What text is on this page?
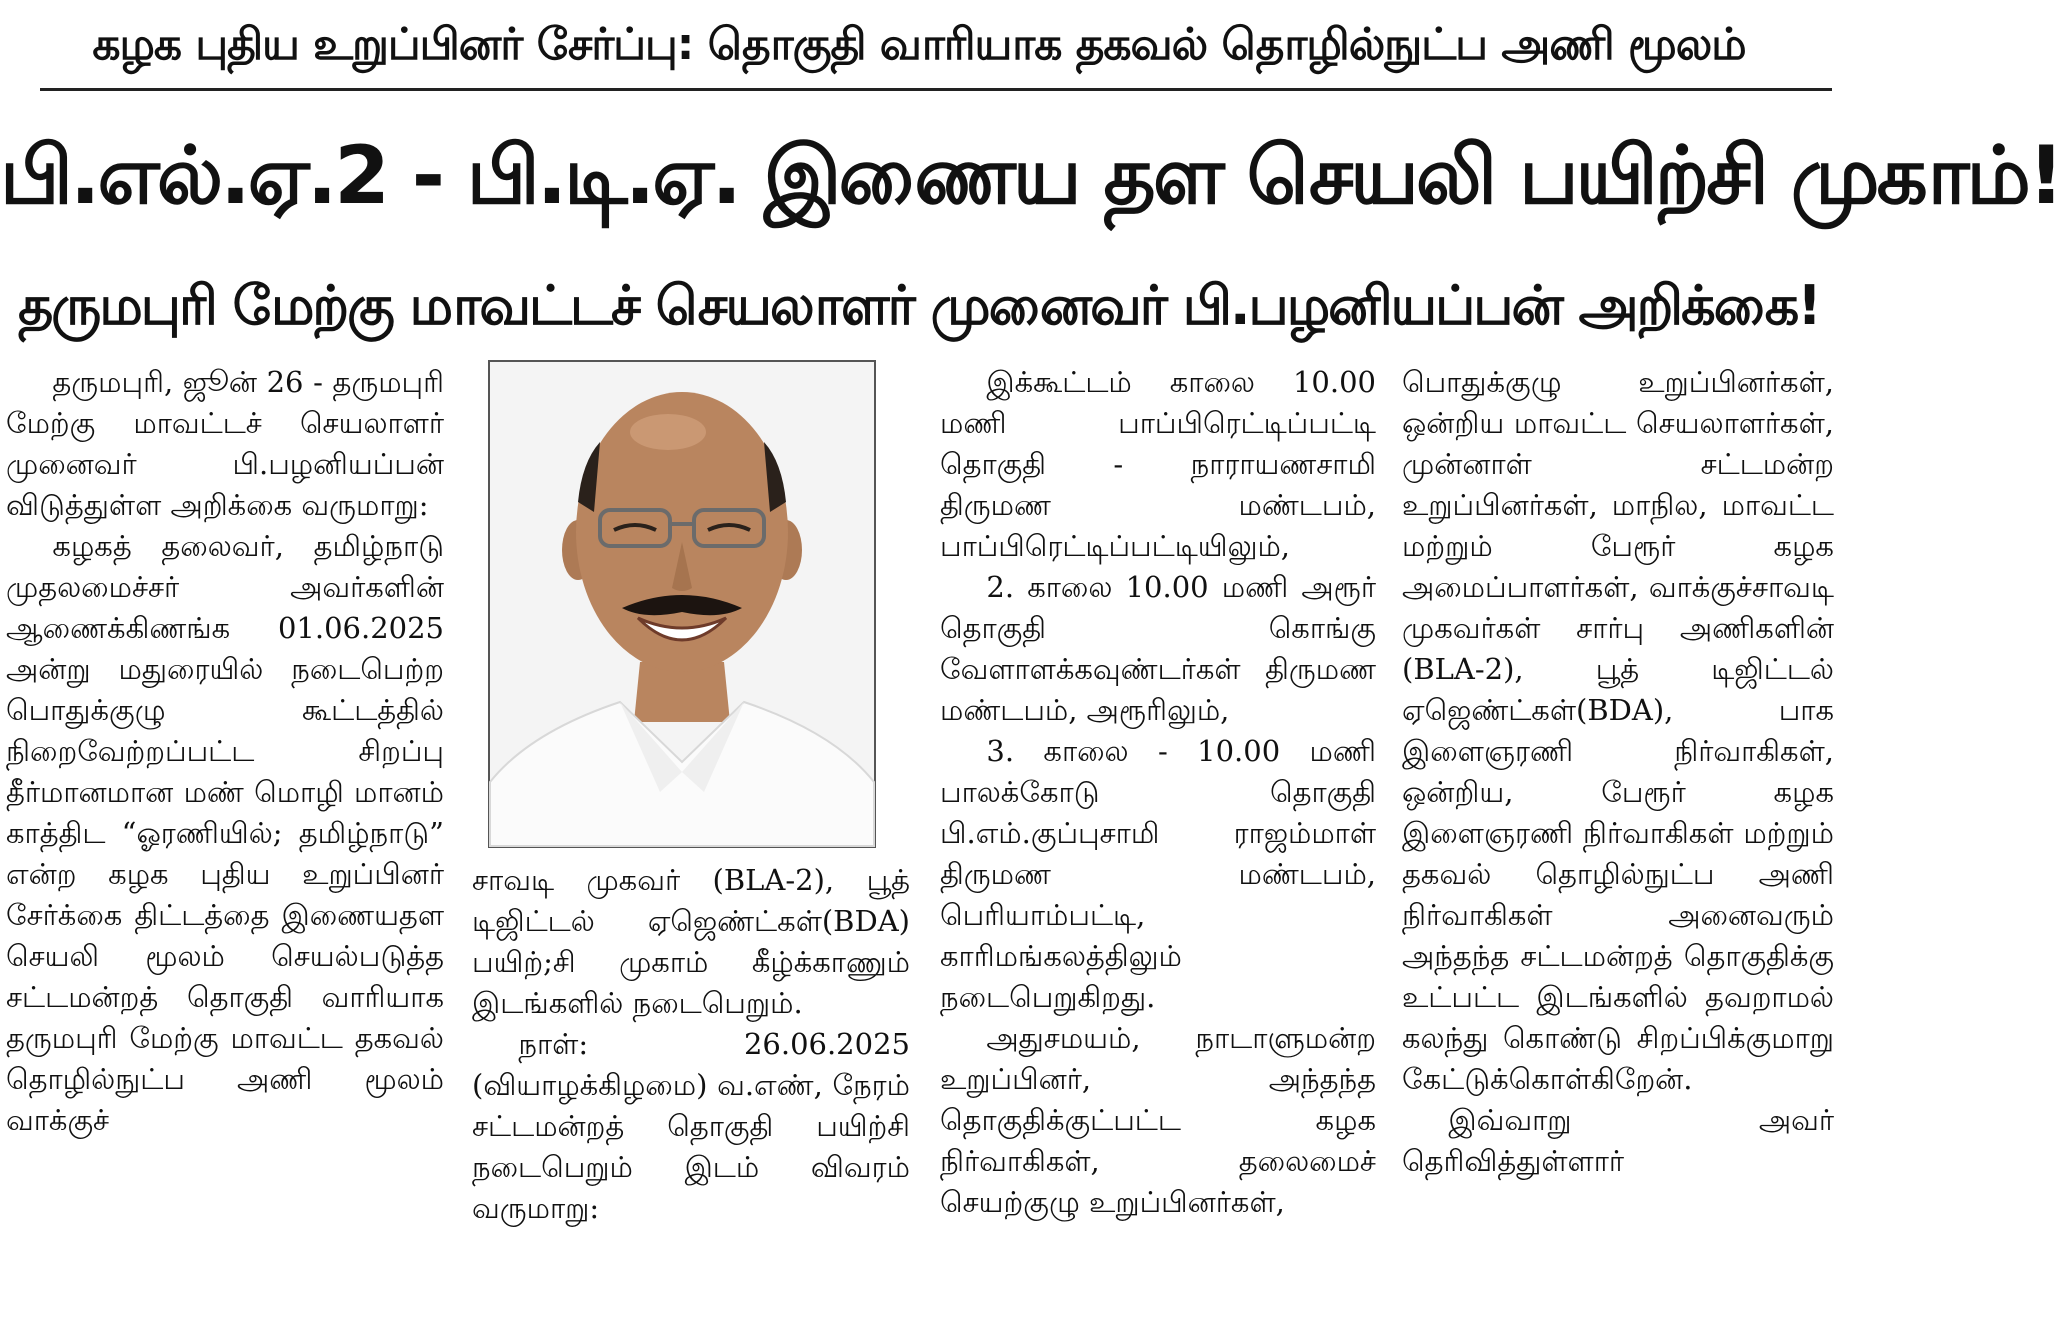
கழக புதிய உறுப்பினர் சேர்ப்பு: தொகுதி வாரியாக தகவல் தொழில்நுட்ப அணி மூலம்
பி.எல்.ஏ.2 - பி.டி.ஏ. இணைய தள செயலி பயிற்சி முகாம்!
தருமபுரி மேற்கு மாவட்டச் செயலாளர் முனைவர் பி.பழனியப்பன் அறிக்கை!

தருமபுரி, ஜூன் 26 - தருமபுரி மேற்கு மாவட்டச் செயலாளர் முனைவர் பி.பழனியப்பன் விடுத்துள்ள அறிக்கை வருமாறு:

கழகத் தலைவர், தமிழ்நாடு முதலமைச்சர் அவர்களின் ஆணைக்கிணங்க 01.06.2025 அன்று மதுரையில் நடைபெற்ற பொதுக்குழு கூட்டத்தில் நிறைவேற்றப்பட்ட சிறப்பு தீர்மானமான மண் மொழி மானம் காத்திட “ஓரணியில்; தமிழ்நாடு” என்ற கழக புதிய உறுப்பினர் சேர்க்கை திட்டத்தை இணையதள செயலி மூலம் செயல்படுத்த சட்டமன்றத் தொகுதி வாரியாக தருமபுரி மேற்கு மாவட்ட தகவல் தொழில்நுட்ப அணி மூலம் வாக்குச்

சாவடி முகவர் (BLA-2), பூத் டிஜிட்டல் ஏஜெண்ட்கள்(BDA) பயிற்;சி முகாம் கீழ்க்காணும் இடங்களில் நடைபெறும்.

நாள்: 26.06.2025 (வியாழக்கிழமை) வ.எண், நேரம் சட்டமன்றத் தொகுதி பயிற்சி நடைபெறும் இடம் விவரம் வருமாறு:

இக்கூட்டம் காலை 10.00 மணி பாப்பிரெட்டிப்பட்டி தொகுதி - நாராயணசாமி திருமண மண்டபம், பாப்பிரெட்டிப்பட்டியிலும்,

2. காலை 10.00 மணி அரூர் தொகுதி கொங்கு வேளாளக்கவுண்டர்கள் திருமண மண்டபம், அரூரிலும்,

3. காலை - 10.00 மணி பாலக்கோடு தொகுதி பி.எம்.குப்புசாமி ராஜம்மாள் திருமண மண்டபம், பெரியாம்பட்டி, காரிமங்கலத்திலும் நடைபெறுகிறது.

அதுசமயம், நாடாளுமன்ற உறுப்பினர், அந்தந்த தொகுதிக்குட்பட்ட கழக நிர்வாகிகள், தலைமைச் செயற்குழு உறுப்பினர்கள்,

பொதுக்குழு உறுப்பினர்கள், ஒன்றிய மாவட்ட செயலாளர்கள், முன்னாள் சட்டமன்ற உறுப்பினர்கள், மாநில, மாவட்ட மற்றும் பேரூர் கழக அமைப்பாளர்கள், வாக்குச்சாவடி முகவர்கள் சார்பு அணிகளின் (BLA-2), பூத் டிஜிட்டல் ஏஜெண்ட்கள்(BDA), பாக இளைஞரணி நிர்வாகிகள், ஒன்றிய, பேரூர் கழக இளைஞரணி நிர்வாகிகள் மற்றும் தகவல் தொழில்நுட்ப அணி நிர்வாகிகள் அனைவரும் அந்தந்த சட்டமன்றத் தொகுதிக்கு உட்பட்ட இடங்களில் தவறாமல் கலந்து கொண்டு சிறப்பிக்குமாறு கேட்டுக்கொள்கிறேன்.

இவ்வாறு அவர் தெரிவித்துள்ளார்
